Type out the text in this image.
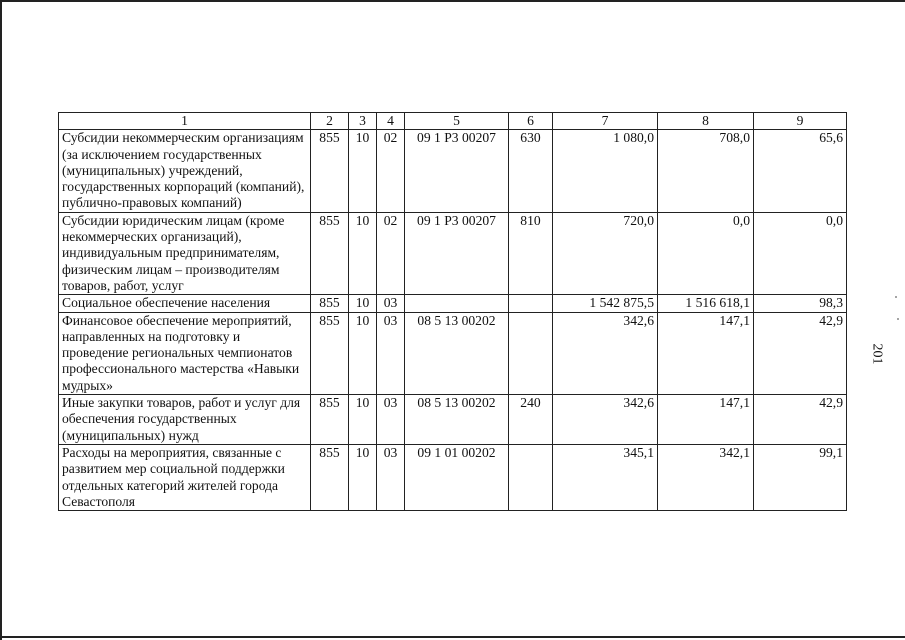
1	2	3	4	5	6	7	8	9
Субсидии некоммерческим организациям (за исключением государственных (муниципальных) учреждений, государственных корпораций (компаний), публично-правовых компаний)	855	10	02	09 1 Р3 00207	630	1 080,0	708,0	65,6
Субсидии юридическим лицам (кроме некоммерческих организаций), индивидуальным предпринимателям, физическим лицам – производителям товаров, работ, услуг	855	10	02	09 1 Р3 00207	810	720,0	0,0	0,0
Социальное обеспечение населения	855	10	03			1 542 875,5	1 516 618,1	98,3
Финансовое обеспечение мероприятий, направленных на подготовку и проведение региональных чемпионатов профессионального мастерства «Навыки мудрых»	855	10	03	08 5 13 00202		342,6	147,1	42,9
Иные закупки товаров, работ и услуг для обеспечения государственных (муниципальных) нужд	855	10	03	08 5 13 00202	240	342,6	147,1	42,9
Расходы на мероприятия, связанные с развитием мер социальной поддержки отдельных категорий жителей города Севастополя	855	10	03	09 1 01 00202		345,1	342,1	99,1
201
